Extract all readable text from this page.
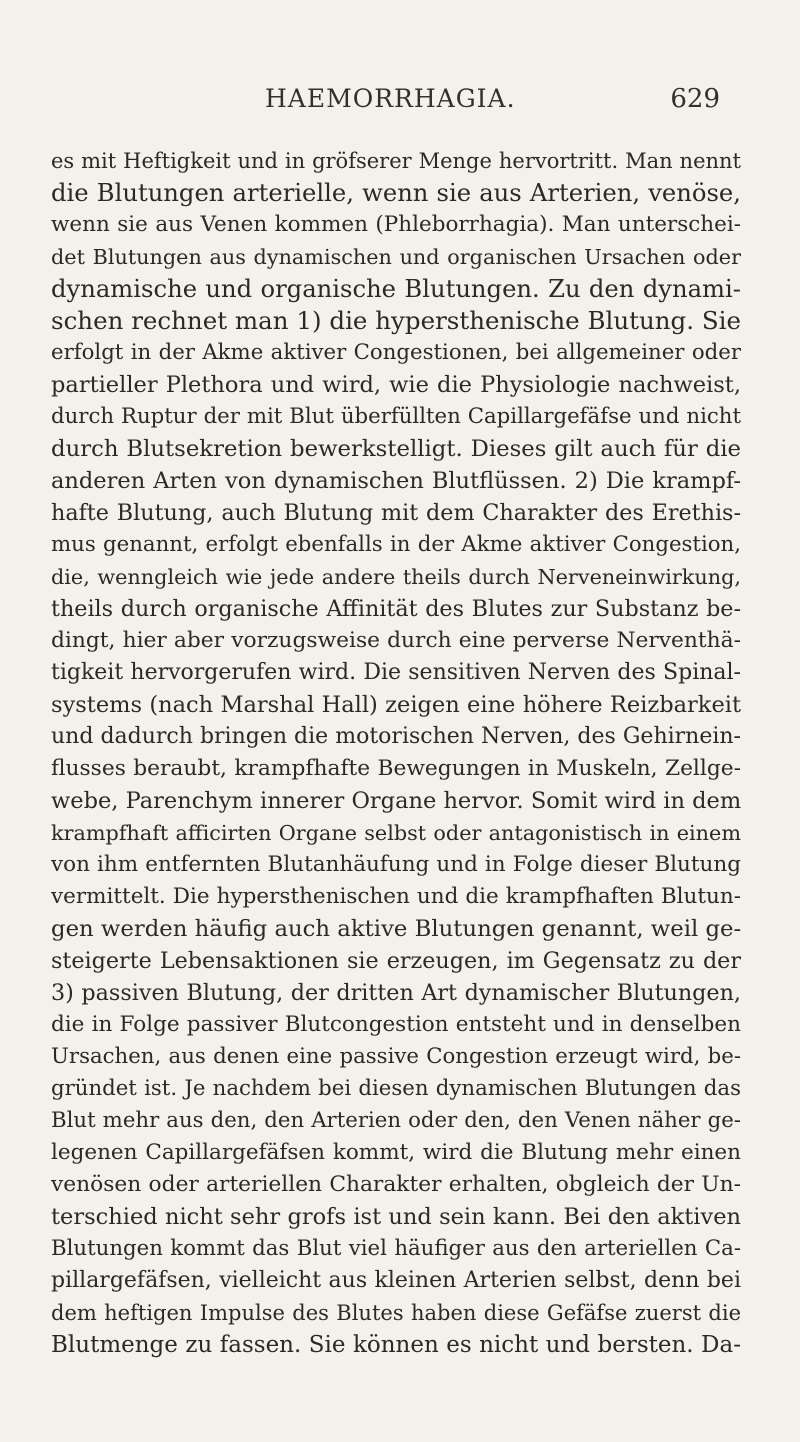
HAEMORRHAGIA.	629
es mit Heftigkeit und in gröfserer Menge hervortritt. Man nennt
die Blutungen arterielle, wenn sie aus Arterien, venöse,
wenn sie aus Venen kommen (Phleborrhagia). Man unterschei-
det Blutungen aus dynamischen und organischen Ursachen oder
dynamische und organische Blutungen. Zu den dynami-
schen rechnet man 1) die hypersthenische Blutung. Sie
erfolgt in der Akme aktiver Congestionen, bei allgemeiner oder
partieller Plethora und wird, wie die Physiologie nachweist,
durch Ruptur der mit Blut überfüllten Capillargefäfse und nicht
durch Blutsekretion bewerkstelligt. Dieses gilt auch für die
anderen Arten von dynamischen Blutflüssen. 2) Die krampf-
hafte Blutung, auch Blutung mit dem Charakter des Erethis-
mus genannt, erfolgt ebenfalls in der Akme aktiver Congestion,
die, wenngleich wie jede andere theils durch Nerveneinwirkung,
theils durch organische Affinität des Blutes zur Substanz be-
dingt, hier aber vorzugsweise durch eine perverse Nerventhä-
tigkeit hervorgerufen wird. Die sensitiven Nerven des Spinal-
systems (nach Marshal Hall) zeigen eine höhere Reizbarkeit
und dadurch bringen die motorischen Nerven, des Gehirnein-
flusses beraubt, krampfhafte Bewegungen in Muskeln, Zellge-
webe, Parenchym innerer Organe hervor. Somit wird in dem
krampfhaft afficirten Organe selbst oder antagonistisch in einem
von ihm entfernten Blutanhäufung und in Folge dieser Blutung
vermittelt. Die hypersthenischen und die krampfhaften Blutun-
gen werden häufig auch aktive Blutungen genannt, weil ge-
steigerte Lebensaktionen sie erzeugen, im Gegensatz zu der
3) passiven Blutung, der dritten Art dynamischer Blutungen,
die in Folge passiver Blutcongestion entsteht und in denselben
Ursachen, aus denen eine passive Congestion erzeugt wird, be-
gründet ist. Je nachdem bei diesen dynamischen Blutungen das
Blut mehr aus den, den Arterien oder den, den Venen näher ge-
legenen Capillargefäfsen kommt, wird die Blutung mehr einen
venösen oder arteriellen Charakter erhalten, obgleich der Un-
terschied nicht sehr grofs ist und sein kann. Bei den aktiven
Blutungen kommt das Blut viel häufiger aus den arteriellen Ca-
pillargefäfsen, vielleicht aus kleinen Arterien selbst, denn bei
dem heftigen Impulse des Blutes haben diese Gefäfse zuerst die
Blutmenge zu fassen. Sie können es nicht und bersten. Da-
